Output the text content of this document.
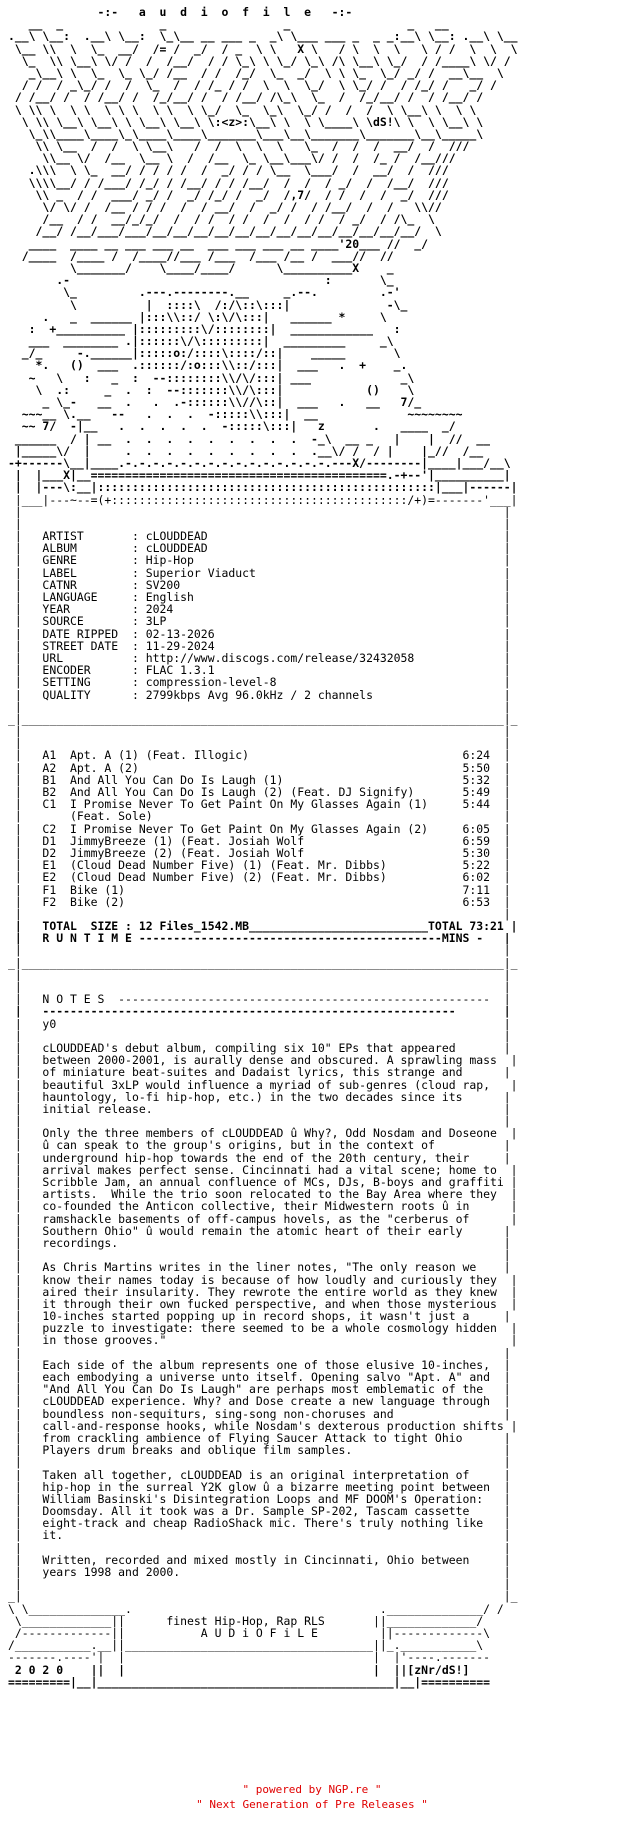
-:-   a  u  d  i  o  f  i  l  e   -:-
__  _              _                 _                 _   __
.__\ \__:  .__\ \__:  \_\__ __ ___ _  _\ \___ ___ _  _ _:__\ \__: .__\ \__
\__ \\  \  \_  __/  /= /  _/  / _  \ \   X \   / \  \  \   \ / /  \  \  \
\_  \\ \__\ \/ /  /  /__/  / / \_\ \ \_/ \_\ /\ \__\ \_/  / /____\ \/ /
_\__\ \  \_  \_ \_/ /__  / /  /_/  \_  _/  \ \ \_  \_/ _/ /  __\__  \
/ /  / _\_/ /  /  \_  /  / /_ / /  \  \  \_/  \ \_/ /  / /_/ /   _/ /
/ /__/ /  / /__/ /  /_/__/ /  / /__/ /\_\  \_  /  /_/__/ /  / /__/ /
\ \\ \  \ \  \ \ \  \ \  \ \_/  \_  \_\  \_/ /  /  /  \ \__\ \  \ \
\ \\ \__\ \__\ \ \__\ \__\ \:<z>:\__\ \  \ \____\ \dS!\ \  \ \__\ \
\_\\____\____\_\____\____\_______\___\__\_______\_______\__\_____\
\\ \__  /  /  \ \__\   /  /  \  \  \   \_  /  /  /  __/  /  ///
\\__ \/  /__  \__ \  /  /__  \_ \__\___\/ /  /  /_ /  /__///
.\\\  \ \_  __/ / / / /  /  _/ / / \__  \___/  /  __/  /  ///
\\\\__/ / /___/ /_/ / /__/ / / /__/  /  /  / _/  /  /__/  ///
\\ _  / /  ___/ _/ /  _/ /_/ /  _/  /,7/  / /  /  /  _/  ///
\/ \/ /  /__ / / /  /  / __/  /  _/ /  / /__/  /  /   \\//
/__  / /  __/_/_/  /  / /  / /  /  /  / /  / _/  / /\_  \
/__/ /__/___/___/__/__/__/__/__/__/__/__/__/__/__/__/__/  \
____  ____ __ ___ ___ __  ___ ___ ___ __ ____'20___ //  _/
/____  /____ /  /____//___ /___  /___ /__ /  ___//  //
\_______/    \____/____/      \__________X    _
.-                                     :       \_
\_         .---.--------.__     _.--.         .-'
\          |  ::::\  /:/\::\:::|              -\_
.   _  ______ |:::\\::/ \:\/\:::|   ______ *     \
:  +__________ |:::::::::\/::::::::|  ____________   :
___  ________ .|::::::\/\:::::::::|  _________     _\
_/_     -.______|:::::o:/::::\::::/::|    _____       \
*.   ()  ___  .::::::/:o:::\\::/:::|  ___   .  +    _.
~   \   :   _  :  --::::::::\\/\/:::| ___             _\
\  .:     _  .  :  --:::::::\\/\:::|            ()    \
_ \_-   __  .   .  .-::::::\\//\::|  ___   .   __   7/_
~~~__ \.__   --   .  .  .  -:::::\\:::|  __             ~~~~~~~~
~~ 7/  -|__   .  .  .  .  .  -:::::\:::|   z       .   ____  _/
______  / | __  .  .  .  .  .  .  .  .  .  -_\  __ _   |    |  //  __
|_____\/  |     .  .  .  .  .  .  .  .  .  .__\/ /  / |    |_//  /__
-+------\__|____.-.-.-.-.-.-.-.-.-.-.-.-.-.-.-.---X/--------|____|___/__\
|  |___X|__===========================================.-+--'|__________|
|  |---\:__|:::::::::::::::::::::::::::::::::::::::::::::::::|___|------|
|___|---~--=(+:::::::::::::::::::::::::::::::::::::::::::/+)=-------'___|
|                                                                      |
|                                                                      |
|   ARTIST       : cLOUDDEAD                                           |
|   ALBUM        : cLOUDDEAD                                           |
|   GENRE        : Hip-Hop                                             |
|   LABEL        : Superior Viaduct                                    |
|   CATNR        : SV200                                               |
|   LANGUAGE     : English                                             |
|   YEAR         : 2024                                                |
|   SOURCE       : 3LP                                                 |
|   DATE RIPPED  : 02-13-2026                                          |
|   STREET DATE  : 11-29-2024                                          |
|   URL          : http://www.discogs.com/release/32432058             |
|   ENCODER      : FLAC 1.3.1                                          |
|   SETTING      : compression-level-8                                 |
|   QUALITY      : 2799kbps Avg 96.0kHz / 2 channels                   |
|                                                                      |
_|______________________________________________________________________|_
|                                                                      |
|                                                                      |
|   A1  Apt. A (1) (Feat. Illogic)                               6:24  |
|   A2  Apt. A (2)                                               5:50  |
|   B1  And All You Can Do Is Laugh (1)                          5:32  |
|   B2  And All You Can Do Is Laugh (2) (Feat. DJ Signify)       5:49  |
|   C1  I Promise Never To Get Paint On My Glasses Again (1)     5:44  |
|       (Feat. Sole)                                                   |
|   C2  I Promise Never To Get Paint On My Glasses Again (2)     6:05  |
|   D1  JimmyBreeze (1) (Feat. Josiah Wolf                       6:59  |
|   D2  JimmyBreeze (2) (Feat. Josiah Wolf                       5:30  |
|   E1  (Cloud Dead Number Five) (1) (Feat. Mr. Dibbs)           5:22  |
|   E2  (Cloud Dead Number Five) (2) (Feat. Mr. Dibbs)           6:02  |
|   F1  Bike (1)                                                 7:11  |
|   F2  Bike (2)                                                 6:53  |
|                                                                      |
|   TOTAL  SIZE : 12 Files_1542.MB__________________________TOTAL 73:21 |
|   R U N T I M E --------------------------------------------MINS -   |
|                                                                      |
_|______________________________________________________________________|_
|                                                                      |
|                                                                      |
|   N O T E S  ------------------------------------------------------  |
|   ------------------------------------------------------------       |
|   y0                                                                 |
|                                                                      |
|   cLOUDDEAD's debut album, compiling six 10" EPs that appeared       |
|   between 2000-2001, is aurally dense and obscured. A sprawling mass  |
|   of miniature beat-suites and Dadaist lyrics, this strange and      |
|   beautiful 3xLP would influence a myriad of sub-genres (cloud rap,   |
|   hauntology, lo-fi hip-hop, etc.) in the two decades since its      |
|   initial release.                                                   |
|                                                                      |
|   Only the three members of cLOUDDEAD û Why?, Odd Nosdam and Doseone  |
|   û can speak to the group's origins, but in the context of          |
|   underground hip-hop towards the end of the 20th century, their     |
|   arrival makes perfect sense. Cincinnati had a vital scene; home to  |
|   Scribble Jam, an annual confluence of MCs, DJs, B-boys and graffiti |
|   artists.  While the trio soon relocated to the Bay Area where they  |
|   co-founded the Anticon collective, their Midwestern roots û in      |
|   ramshackle basements of off-campus hovels, as the "cerberus of      |
|   Southern Ohio" û would remain the atomic heart of their early      |
|   recordings.                                                        |
|                                                                      |
|   As Chris Martins writes in the liner notes, "The only reason we    |
|   know their names today is because of how loudly and curiously they  |
|   aired their insularity. They rewrote the entire world as they knew  |
|   it through their own fucked perspective, and when those mysterious  |
|   10-inches started popping up in record shops, it wasn't just a     |
|   puzzle to investigate: there seemed to be a whole cosmology hidden  |
|   in those grooves."                                                  |
|                                                                      |
|   Each side of the album represents one of those elusive 10-inches,  |
|   each embodying a universe unto itself. Opening salvo "Apt. A" and  |
|   "And All You Can Do Is Laugh" are perhaps most emblematic of the   |
|   cLOUDDEAD experience. Why? and Dose create a new language through  |
|   boundless non-sequiturs, sing-song non-choruses and                |
|   call-and-response hooks, while Nosdam's dexterous production shifts |
|   from crackling ambience of Flying Saucer Attack to tight Ohio      |
|   Players drum breaks and oblique film samples.                      |
|                                                                      |
|   Taken all together, cLOUDDEAD is an original interpretation of     |
|   hip-hop in the surreal Y2K glow û a bizarre meeting point between  |
|   William Basinski's Disintegration Loops and MF DOOM's Operation:   |
|   Doomsday. All it took was a Dr. Sample SP-202, Tascam cassette     |
|   eight-track and cheap RadioShack mic. There's truly nothing like   |
|   it.                                                                |
|                                                                      |
|   Written, recorded and mixed mostly in Cincinnati, Ohio between     |
|   years 1998 and 2000.                                               |
|                                                                      |
_|                                                                      |_
\ \______________.                                    .______________/ /
\_____________||      finest Hip-Hop, Rap RLS       ||_____________/
/-------------||           A U D i O F i L E         ||-------------\
/___________.__||____________________________________||_.___________\
-------.----'|  |                                    |  |'----.-------
2 0 2 0    ||  |                                    |  ||[zNr/dS!]
=========|__|___________________________________________|__|==========
" powered by NGP.re "
" Next Generation of Pre Releases "
